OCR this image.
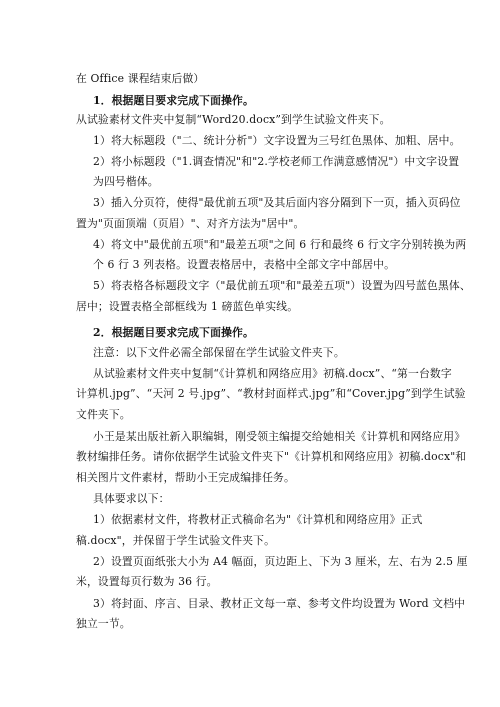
在 Office 课程结束后做）
1．根据题目要求完成下面操作。
从试验素材文件夹中复制“Word20.docx”到学生试验文件夹下。
1）将大标题段（"二、统计分析"）文字设置为三号红色黑体、加粗、居中。
2）将小标题段（"1.调查情况"和"2.学校老师工作满意感情况"）中文字设置
为四号楷体。
3）插入分页符，使得"最优前五项"及其后面内容分隔到下一页，插入页码位
置为"页面顶端（页眉）"、对齐方法为"居中"。
4）将文中"最优前五项"和"最差五项"之间 6 行和最终 6 行文字分别转换为两
个 6 行 3 列表格。设置表格居中，表格中全部文字中部居中。
5）将表格各标题段文字（"最优前五项"和"最差五项"）设置为四号蓝色黑体、
居中；设置表格全部框线为 1 磅蓝色单实线。
2．根据题目要求完成下面操作。
注意：以下文件必需全部保留在学生试验文件夹下。
从试验素材文件夹中复制“《计算机和网络应用》初稿.docx”、“第一台数字
计算机.jpg”、“天河 2 号.jpg”、“教材封面样式.jpg”和“Cover.jpg”到学生试验
文件夹下。
小王是某出版社新入职编辑，刚受领主编提交给她相关《计算机和网络应用》
教材编排任务。请你依据学生试验文件夹下"《计算机和网络应用》初稿.docx"和
相关图片文件素材，帮助小王完成编排任务。
具体要求以下：
1）依据素材文件，将教材正式稿命名为"《计算机和网络应用》正式
稿.docx"，并保留于学生试验文件夹下。
2）设置页面纸张大小为 A4 幅面，页边距上、下为 3 厘米，左、右为 2.5 厘
米，设置每页行数为 36 行。
3）将封面、序言、目录、教材正文每一章、参考文件均设置为 Word 文档中
独立一节。
